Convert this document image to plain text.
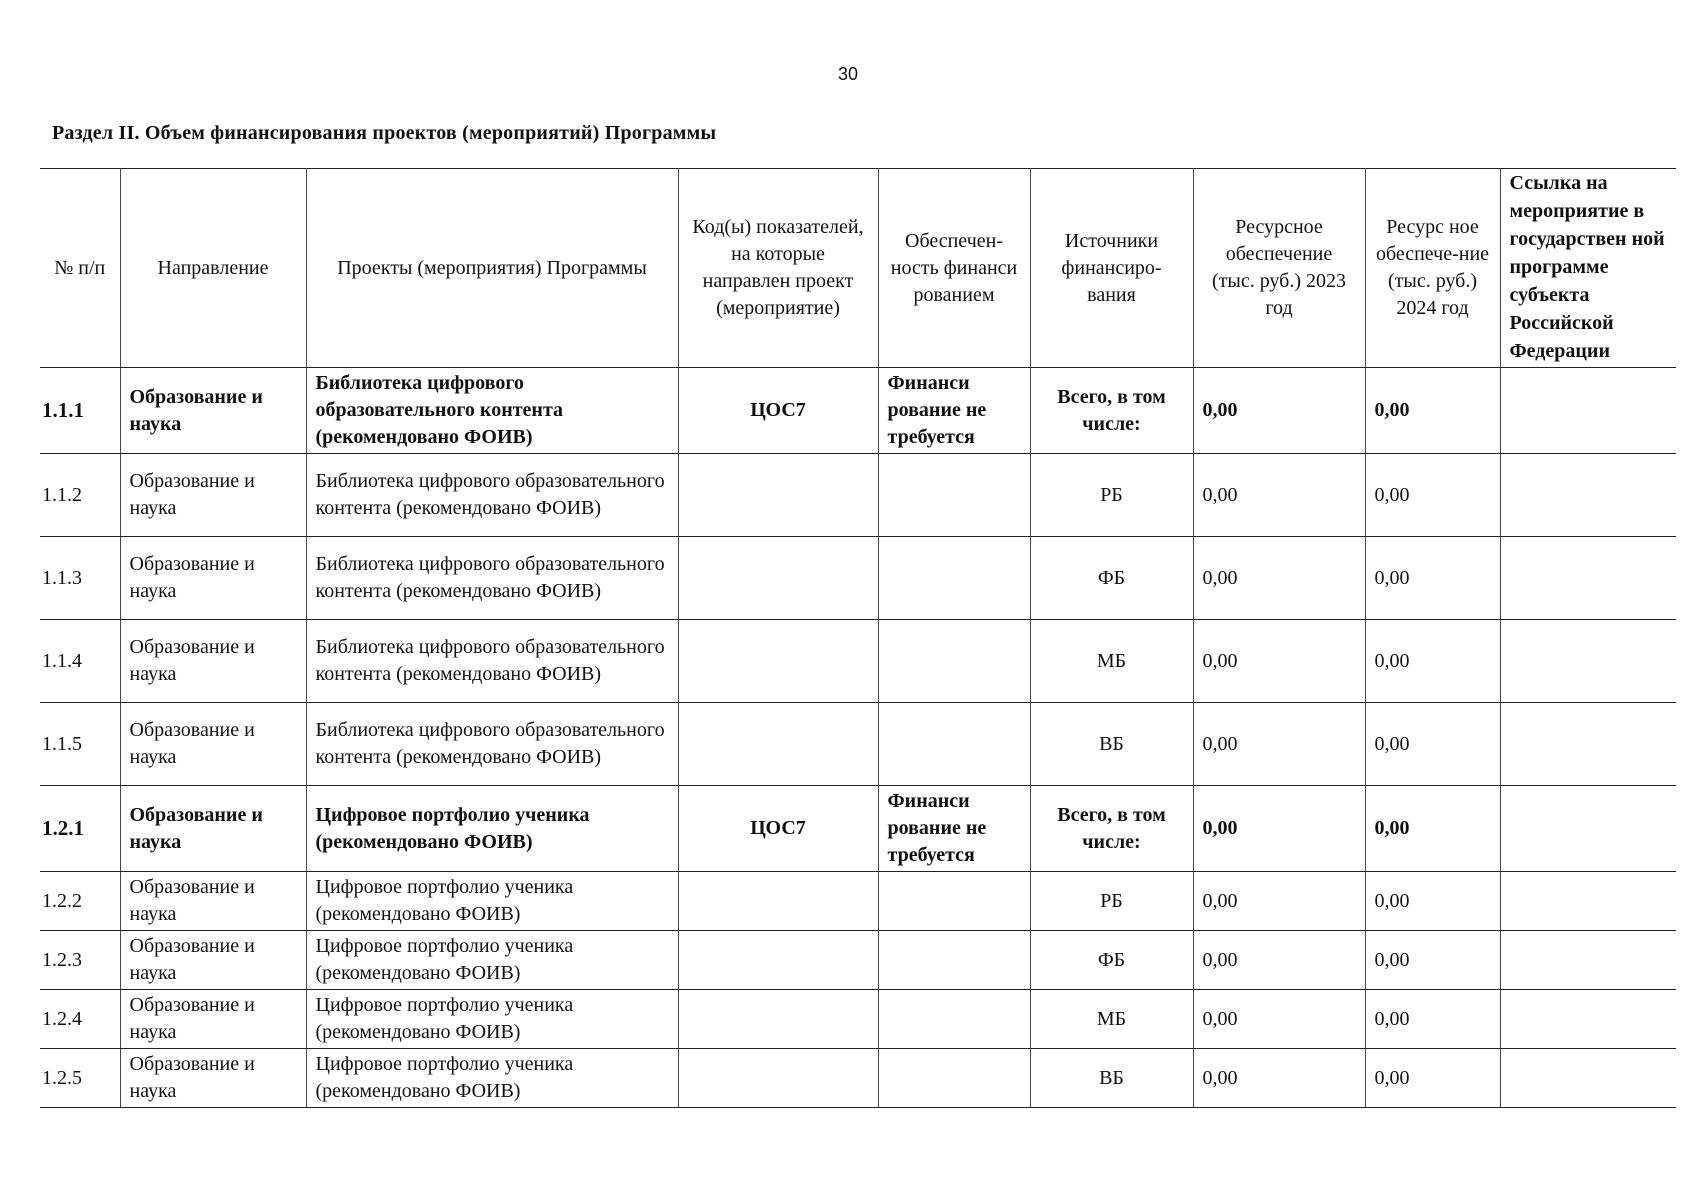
30
Раздел II. Объем финансирования проектов (мероприятий) Программы
№ п/п	Направление	Проекты (мероприятия) Программы	Код(ы) показателей, на которые направлен проект (мероприятие)	Обеспечен-ность финанси рованием	Источники финансиро-вания	Ресурсное обеспечение (тыс. руб.) 2023 год	Ресурс ное обеспече-ние (тыс. руб.) 2024 год	Ссылка на мероприятие в государствен ной программе субъекта Российской Федерации
1.1.1	Образование и наука	Библиотека цифрового образовательного контента (рекомендовано ФОИВ)	ЦОС7	Финанси рование не требуется	Всего, в том числе:	0,00	0,00	
1.1.2	Образование и наука	Библиотека цифрового образовательного контента (рекомендовано ФОИВ)			РБ	0,00	0,00	
1.1.3	Образование и наука	Библиотека цифрового образовательного контента (рекомендовано ФОИВ)			ФБ	0,00	0,00	
1.1.4	Образование и наука	Библиотека цифрового образовательного контента (рекомендовано ФОИВ)			МБ	0,00	0,00	
1.1.5	Образование и наука	Библиотека цифрового образовательного контента (рекомендовано ФОИВ)			ВБ	0,00	0,00	
1.2.1	Образование и наука	Цифровое портфолио ученика (рекомендовано ФОИВ)	ЦОС7	Финанси рование не требуется	Всего, в том числе:	0,00	0,00	
1.2.2	Образование и наука	Цифровое портфолио ученика (рекомендовано ФОИВ)			РБ	0,00	0,00	
1.2.3	Образование и наука	Цифровое портфолио ученика (рекомендовано ФОИВ)			ФБ	0,00	0,00	
1.2.4	Образование и наука	Цифровое портфолио ученика (рекомендовано ФОИВ)			МБ	0,00	0,00	
1.2.5	Образование и наука	Цифровое портфолио ученика (рекомендовано ФОИВ)			ВБ	0,00	0,00	
